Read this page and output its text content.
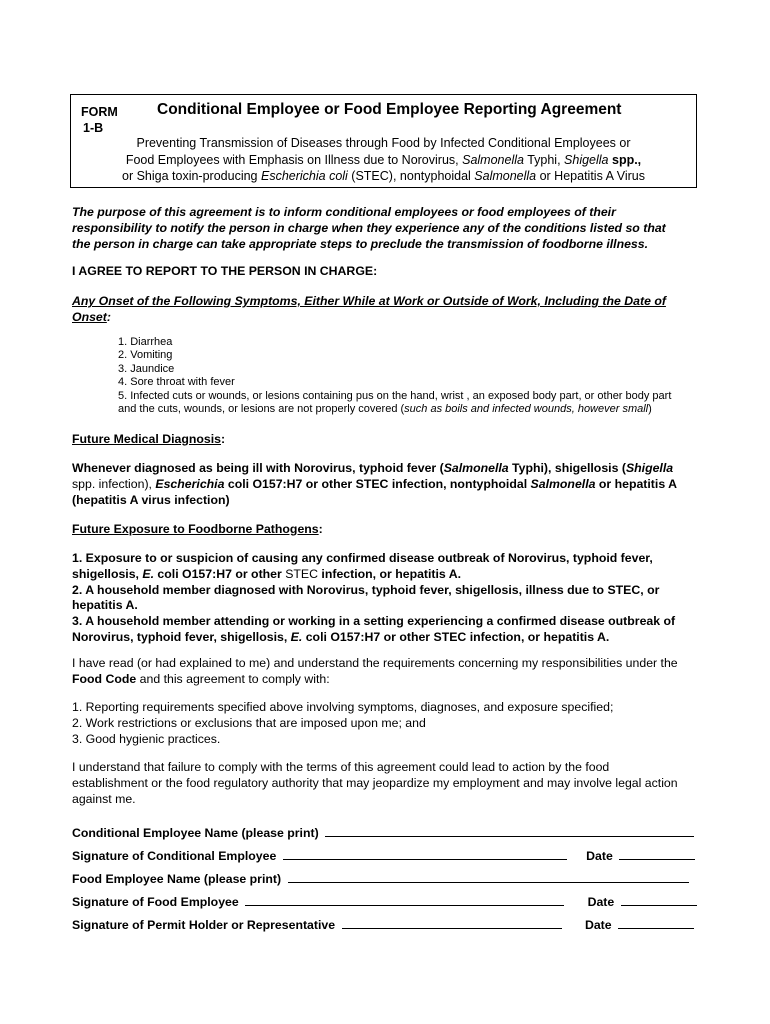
FORM
1-B
Conditional Employee or Food Employee Reporting Agreement
Preventing Transmission of Diseases through Food by Infected Conditional Employees or
Food Employees with Emphasis on Illness due to Norovirus, Salmonella Typhi, Shigella spp.,
or Shiga toxin-producing Escherichia coli (STEC), nontyphoidal Salmonella or Hepatitis A Virus
The purpose of this agreement is to inform conditional employees or food employees of their
responsibility to notify the person in charge when they experience any of the conditions listed so that
the person in charge can take appropriate steps to preclude the transmission of foodborne illness.
I AGREE TO REPORT TO THE PERSON IN CHARGE:
Any Onset of the Following Symptoms, Either While at Work or Outside of Work, Including the Date of
Onset:
1. Diarrhea
2. Vomiting
3. Jaundice
4. Sore throat with fever
5. Infected cuts or wounds, or lesions containing pus on the hand, wrist , an exposed body part, or other body part
and the cuts, wounds, or lesions are not properly covered (such as boils and infected wounds, however small)
Future Medical Diagnosis:
Whenever diagnosed as being ill with Norovirus, typhoid fever (Salmonella Typhi), shigellosis (Shigella
spp. infection), Escherichia coli O157:H7 or other STEC infection, nontyphoidal Salmonella or hepatitis A
(hepatitis A virus infection)
Future Exposure to Foodborne Pathogens:
1. Exposure to or suspicion of causing any confirmed disease outbreak of Norovirus, typhoid fever,
shigellosis, E. coli O157:H7 or other STEC infection, or hepatitis A.
2. A household member diagnosed with Norovirus, typhoid fever, shigellosis, illness due to STEC, or
hepatitis A.
3. A household member attending or working in a setting experiencing a confirmed disease outbreak of
Norovirus, typhoid fever, shigellosis, E. coli O157:H7 or other STEC infection, or hepatitis A.
I have read (or had explained to me) and understand the requirements concerning my responsibilities under the
Food Code and this agreement to comply with:
1. Reporting requirements specified above involving symptoms, diagnoses, and exposure specified;
2. Work restrictions or exclusions that are imposed upon me; and
3. Good hygienic practices.
I understand that failure to comply with the terms of this agreement could lead to action by the food
establishment or the food regulatory authority that may jeopardize my employment and may involve legal action
against me.
Conditional Employee Name (please print)
Signature of Conditional Employee	Date
Food Employee Name (please print)
Signature of Food Employee	Date
Signature of Permit Holder or Representative	Date
